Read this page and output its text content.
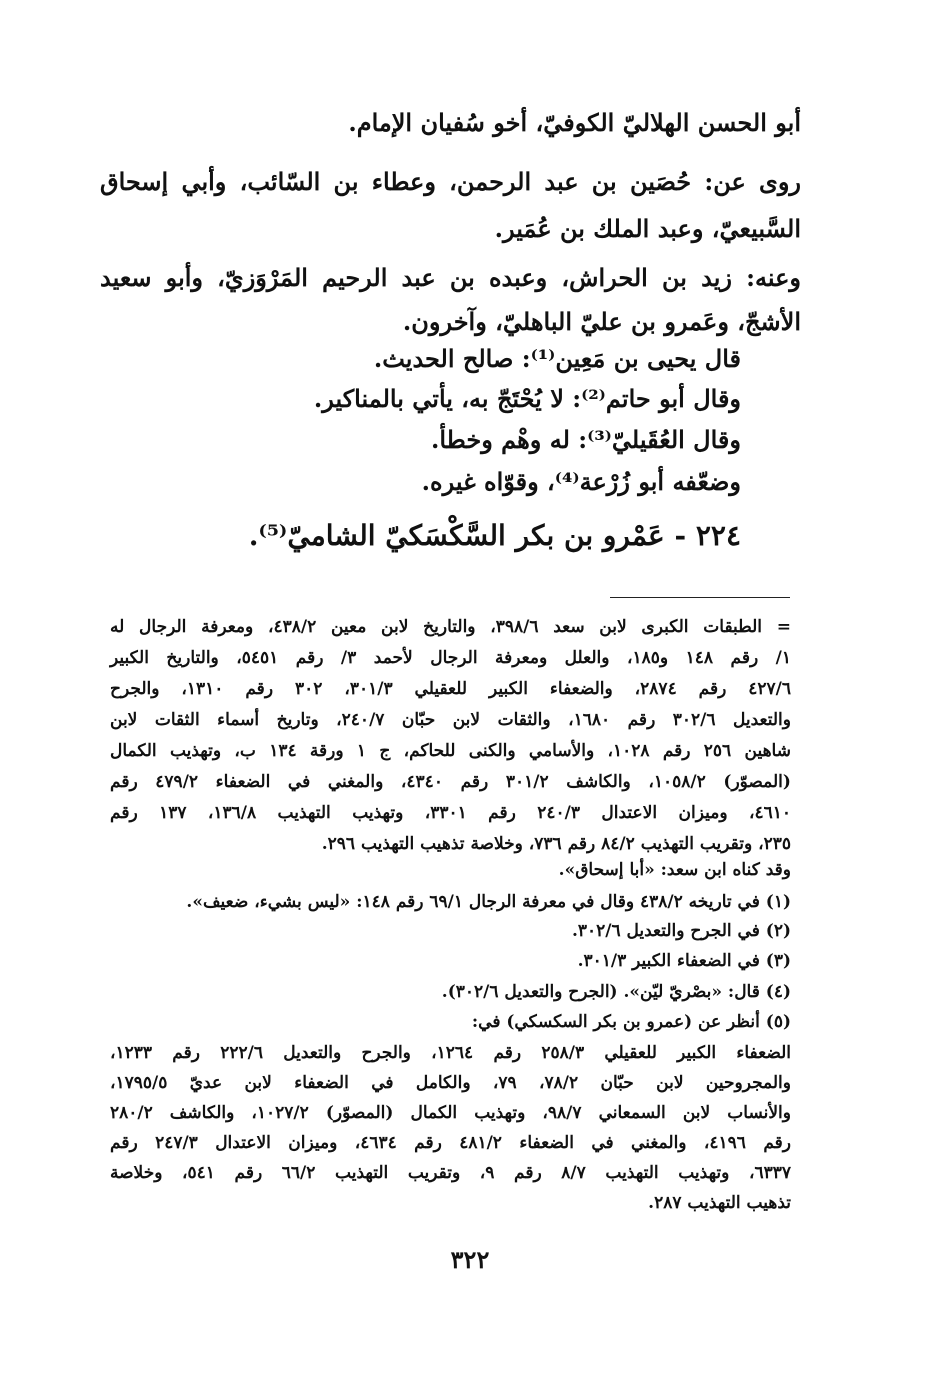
أبو الحسن الهلاليّ الكوفيّ، أخو سُفيان الإمام.
روى عن: حُصَين بن عبد الرحمن، وعطاء بن السّائب، وأبي إسحاق
السَّبيعيّ، وعبد الملك بن عُمَير.
وعنه: زيد بن الحراش، وعبده بن عبد الرحيم المَرْوَزيّ، وأبو سعيد
الأشجّ، وعَمرو بن عليّ الباهليّ، وآخرون.
قال يحيى بن مَعِين⁽¹⁾: صالح الحديث.
وقال أبو حاتم⁽²⁾: لا يُحْتَجّ به، يأتي بالمناكير.
وقال العُقَيليّ⁽³⁾: له وهْم وخطأ.
وضعّفه أبو زُرْعة⁽⁴⁾، وقوّاه غيره.
٢٢٤ - عَمْرو بن بكر السَّكْسَكيّ الشاميّ⁽⁵⁾.
= الطبقات الكبرى لابن سعد ٣٩٨/٦، والتاريخ لابن معين ٤٣٨/٢، ومعرفة الرجال له
١/ رقم ١٤٨ و١٨٥، والعلل ومعرفة الرجال لأحمد ٣/ رقم ٥٤٥١، والتاريخ الكبير
٤٢٧/٦ رقم ٢٨٧٤، والضعفاء الكبير للعقيلي ٣٠١/٣، ٣٠٢ رقم ١٣١٠، والجرح
والتعديل ٣٠٢/٦ رقم ١٦٨٠، والثقات لابن حبّان ٢٤٠/٧، وتاريخ أسماء الثقات لابن
شاهين ٢٥٦ رقم ١٠٢٨، والأسامي والكنى للحاكم، ج ١ ورقة ١٣٤ ب، وتهذيب الكمال
(المصوّر) ١٠٥٨/٢، والكاشف ٣٠١/٢ رقم ٤٣٤٠، والمغني في الضعفاء ٤٧٩/٢ رقم
٤٦١٠، وميزان الاعتدال ٢٤٠/٣ رقم ٣٣٠١، وتهذيب التهذيب ١٣٦/٨، ١٣٧ رقم
٢٣٥، وتقريب التهذيب ٨٤/٢ رقم ٧٣٦، وخلاصة تذهيب التهذيب ٢٩٦.
وقد كناه ابن سعد: «أبا إسحاق».
(١) في تاريخه ٤٣٨/٢ وقال في معرفة الرجال ٦٩/١ رقم ١٤٨: «ليس بشيء، ضعيف».
(٢) في الجرح والتعديل ٣٠٢/٦.
(٣) في الضعفاء الكبير ٣٠١/٣.
(٤) قال: «بصْريّ ليّن». (الجرح والتعديل ٣٠٢/٦).
(٥) أنظر عن (عمرو بن بكر السكسكي) في:
الضعفاء الكبير للعقيلي ٢٥٨/٣ رقم ١٢٦٤، والجرح والتعديل ٢٢٢/٦ رقم ١٢٣٣،
والمجروحين لابن حبّان ٧٨/٢، ٧٩، والكامل في الضعفاء لابن عديّ ١٧٩٥/٥،
والأنساب لابن السمعاني ٩٨/٧، وتهذيب الكمال (المصوّر) ١٠٢٧/٢، والكاشف ٢٨٠/٢
رقم ٤١٩٦، والمغني في الضعفاء ٤٨١/٢ رقم ٤٦٣٤، وميزان الاعتدال ٢٤٧/٣ رقم
٦٣٣٧، وتهذيب التهذيب ٨/٧ رقم ٩، وتقريب التهذيب ٦٦/٢ رقم ٥٤١، وخلاصة
تذهيب التهذيب ٢٨٧.
٣٢٢
